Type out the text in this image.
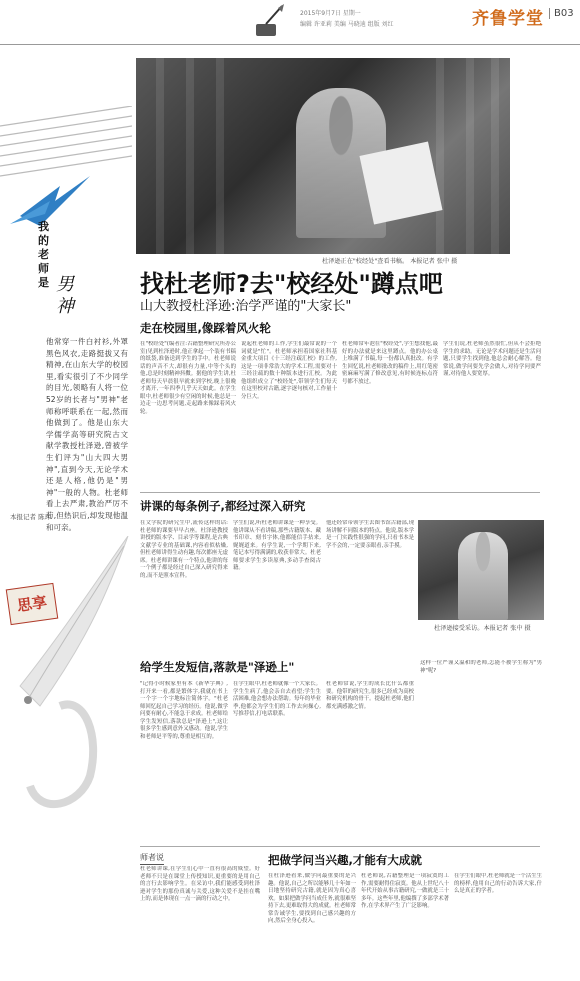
2015年9月7日 星期一
编辑 许亚莉 美编 马晓迪 组版 刘红	齐鲁学堂	B03
我
的
老
师
是 男
神
他常穿一件白衬衫,外罩黑色风衣,走路挺拔又有精神,在山东大学的校园里,看实很引了不少同学的目光,领略有人将一位52岁的长者与"男神"老师称呼联系在一起,然而他做到了。他是山东大学儒学高等研究院古文献学教授杜泽逊,曾被学生们评为"山大四大男神",直到今天,无论学术还是人格,他仍是"男神"一般的人物。杜老师看上去严肃,教治严厉不苟,但热识后,却发现他温和可亲。
本报记者 陈玮
思享
杜泽逊正在"校经处"查看书稿。 本报记者 张中 摄
找杜老师?去"校经处"蹲点吧
山大教授杜泽逊:治学严谨的"大家长"
走在校园里,像踩着风火轮
在"校经处"(编者注:古籍整理研究所办公室)见到杜泽逊时,他正拿起一个装有书稿的纸袋,准备送到学生的手中。杜老师说话的声音不大,却很有力量,中等个头的他,总是时刻精神抖擞。据他的学生讲,杜老师每天早晨很早就来到学校,晚上很晚才离开,一年四季几乎天天如此。在学生眼中,杜老师很少有空闲的时候,他总是一边走一边思考问题,走起路来像踩着风火轮。
说起杜老师的工作,学生们最常说的一个词就是"忙"。杜老师承担着国家社科基金重大项目《十三经注疏汇校》的工作,这是一项非常浩大的学术工程,需要对十三经注疏的数十种版本进行汇校。为此他组织成立了"校经处",带领学生们每天在这里校对古籍,逐字逐句核对,工作量十分巨大。
杜老师常年泡在"校经处",学生想找他,最好的办法就是来这里蹲点。他的办公桌上堆满了书稿,每一份都认真批改。有学生回忆说,杜老师批改的稿件上,用红笔密密麻麻写满了修改意见,有时候连标点符号都不放过。
学生们说,杜老师虽然很忙,但从不会拒绝学生的求助。无论是学术问题还是生活问题,只要学生找到他,他总会耐心解答。他常说,做学问要先学会做人,对待学问要严谨,对待他人要宽厚。
讲课的每条例子,都经过深入研究
在文学院的研究生中,流传这样的话:杜老师的课要早早占座。杜泽逊教授讲授的版本学、目录学等课程,是古典文献学专业的基础课,内容看似枯燥,但杜老师讲得生动有趣,每次都座无虚席。杜老师讲课有一个特点,他讲的每一个例子都是经过自己深入研究得来的,而不是照本宣科。
学生们说,听杜老师讲课是一种享受。他讲课从不看讲稿,那些古籍版本、藏书印章、刻书字体,他都能信手拈来,娓娓道来。有学生说,一个学期下来,笔记本写得满满的,收获非常大。杜老师要求学生多读原典,多动手查阅古籍。
他还经常带领学生去图书馆古籍部,现场讲解不同版本的特点。他说,版本学是一门实践性很强的学问,只看书本是学不会的,一定要亲眼看,亲手摸。
杜泽逊接受采访。本报记者 张中 摄
给学生发短信,落款是"泽逊上"
"记得小时候家里有本《新华字典》,打开来一看,都是繁体字,我就在书上一个字一个字地标注简体字。"杜老师回忆起自己学习的经历。他说,做学问要有耐心,不能急于求成。杜老师给学生发短信,落款总是"泽逊上",这让很多学生感到意外又感动。他说,学生和老师是平等的,尊重是相互的。
在学生眼中,杜老师就像一个大家长。学生生病了,他会亲自去看望;学生生活困难,他会想办法帮助。每年的毕业季,他都会为学生们的工作去向操心,写推荐信,打电话联系。
杜老师常说,学生的成长比什么都重要。他带的研究生,很多已经成为高校和研究机构的骨干。提起杜老师,他们都充满感激之情。
这样一位严谨又温和的老师,怎能不被学生称为"男神"呢?
师者说
杜老师讲课,在学生们心中一直有很高的威望。好老师不只是在课堂上传授知识,更重要的是用自己的言行去影响学生。在采访中,我们能感受到杜泽逊对学生的那份真诚与关爱,这种关爱不是挂在嘴上的,而是体现在一点一滴的行动之中。
把做学问当兴趣,才能有大成就
在杜泽逊看来,做学问最重要的是兴趣。他说,自己之所以能够几十年如一日地坚持研究古籍,就是因为真心喜欢。如果把做学问当成任务,就很难坚持下去,更难取得大的成就。杜老师常常告诫学生,要找到自己感兴趣的方向,然后全身心投入。
杜老师说,古籍整理是一项寂寞的工作,需要耐得住寂寞。他从上世纪八十年代开始从事古籍研究,一做就是三十多年。这些年里,他编撰了多部学术著作,在学术界产生了广泛影响。
在学生们眼中,杜老师就是一个活生生的榜样,他用自己的行动告诉大家,什么是真正的学者。
